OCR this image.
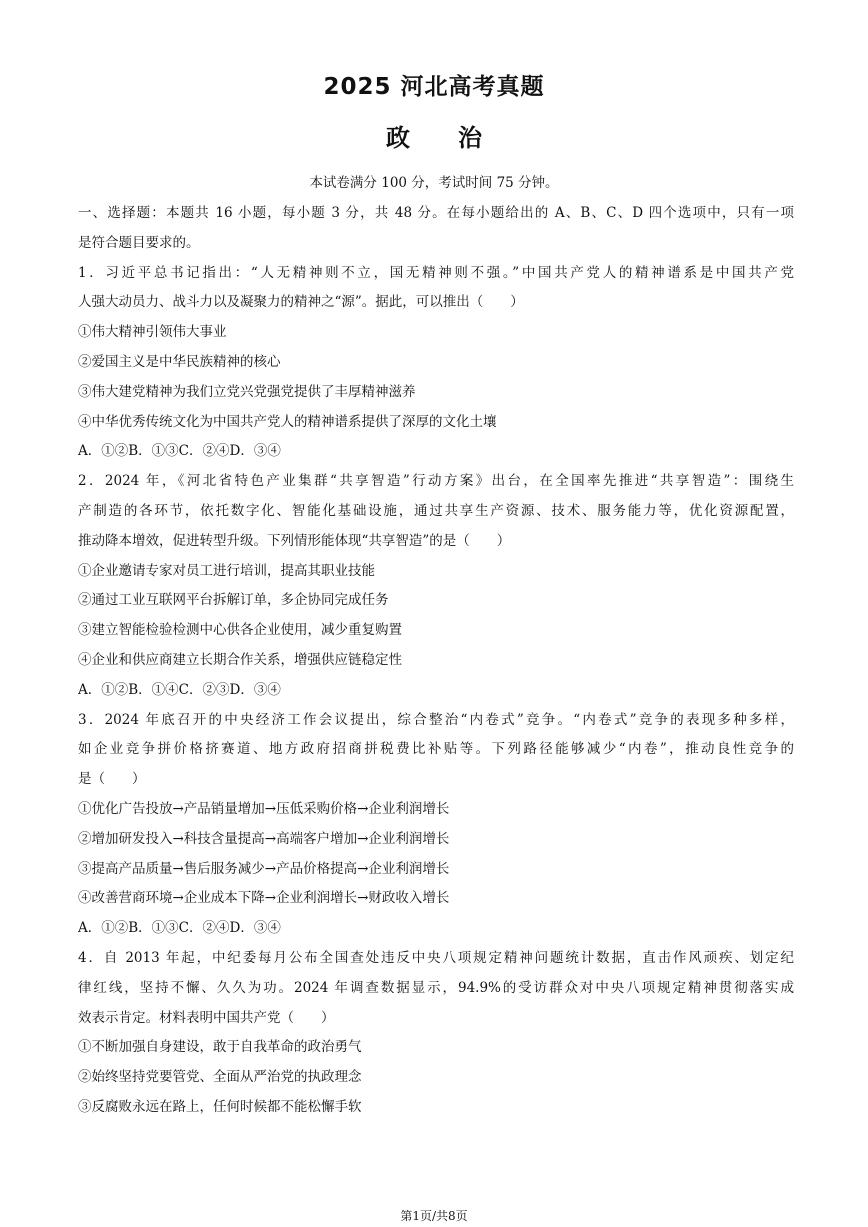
2025 河北高考真题
政 治
本试卷满分 100 分，考试时间 75 分钟。
一、选择题：本题共 16 小题，每小题 3 分，共 48 分。在每小题给出的 A、B、C、D 四个选项中，只有一项
是符合题目要求的。
1．习近平总书记指出：“人无精神则不立，国无精神则不强。”中国共产党人的精神谱系是中国共产党
人强大动员力、战斗力以及凝聚力的精神之“源”。据此，可以推出（　　）
①伟大精神引领伟大事业
②爱国主义是中华民族精神的核心
③伟大建党精神为我们立党兴党强党提供了丰厚精神滋养
④中华优秀传统文化为中国共产党人的精神谱系提供了深厚的文化土壤
A．①②B．①③C．②④D．③④
2．2024 年，《河北省特色产业集群“共享智造”行动方案》出台，在全国率先推进“共享智造”：围绕生
产制造的各环节，依托数字化、智能化基础设施，通过共享生产资源、技术、服务能力等，优化资源配置，
推动降本增效，促进转型升级。下列情形能体现“共享智造”的是（　　）
①企业邀请专家对员工进行培训，提高其职业技能
②通过工业互联网平台拆解订单，多企协同完成任务
③建立智能检验检测中心供各企业使用，减少重复购置
④企业和供应商建立长期合作关系，增强供应链稳定性
A．①②B．①④C．②③D．③④
3．2024 年底召开的中央经济工作会议提出，综合整治“内卷式”竞争。“内卷式”竞争的表现多种多样，
如企业竞争拼价格挤赛道、地方政府招商拼税费比补贴等。下列路径能够减少“内卷”，推动良性竞争的
是（　　）
①优化广告投放→产品销量增加→压低采购价格→企业利润增长
②增加研发投入→科技含量提高→高端客户增加→企业利润增长
③提高产品质量→售后服务减少→产品价格提高→企业利润增长
④改善营商环境→企业成本下降→企业利润增长→财政收入增长
A．①②B．①③C．②④D．③④
4．自 2013 年起，中纪委每月公布全国查处违反中央八项规定精神问题统计数据，直击作风顽疾、划定纪
律红线，坚持不懈、久久为功。2024 年调查数据显示，94.9%的受访群众对中央八项规定精神贯彻落实成
效表示肯定。材料表明中国共产党（　　）
①不断加强自身建设，敢于自我革命的政治勇气
②始终坚持党要管党、全面从严治党的执政理念
③反腐败永远在路上，任何时候都不能松懈手软
第1页/共8页
